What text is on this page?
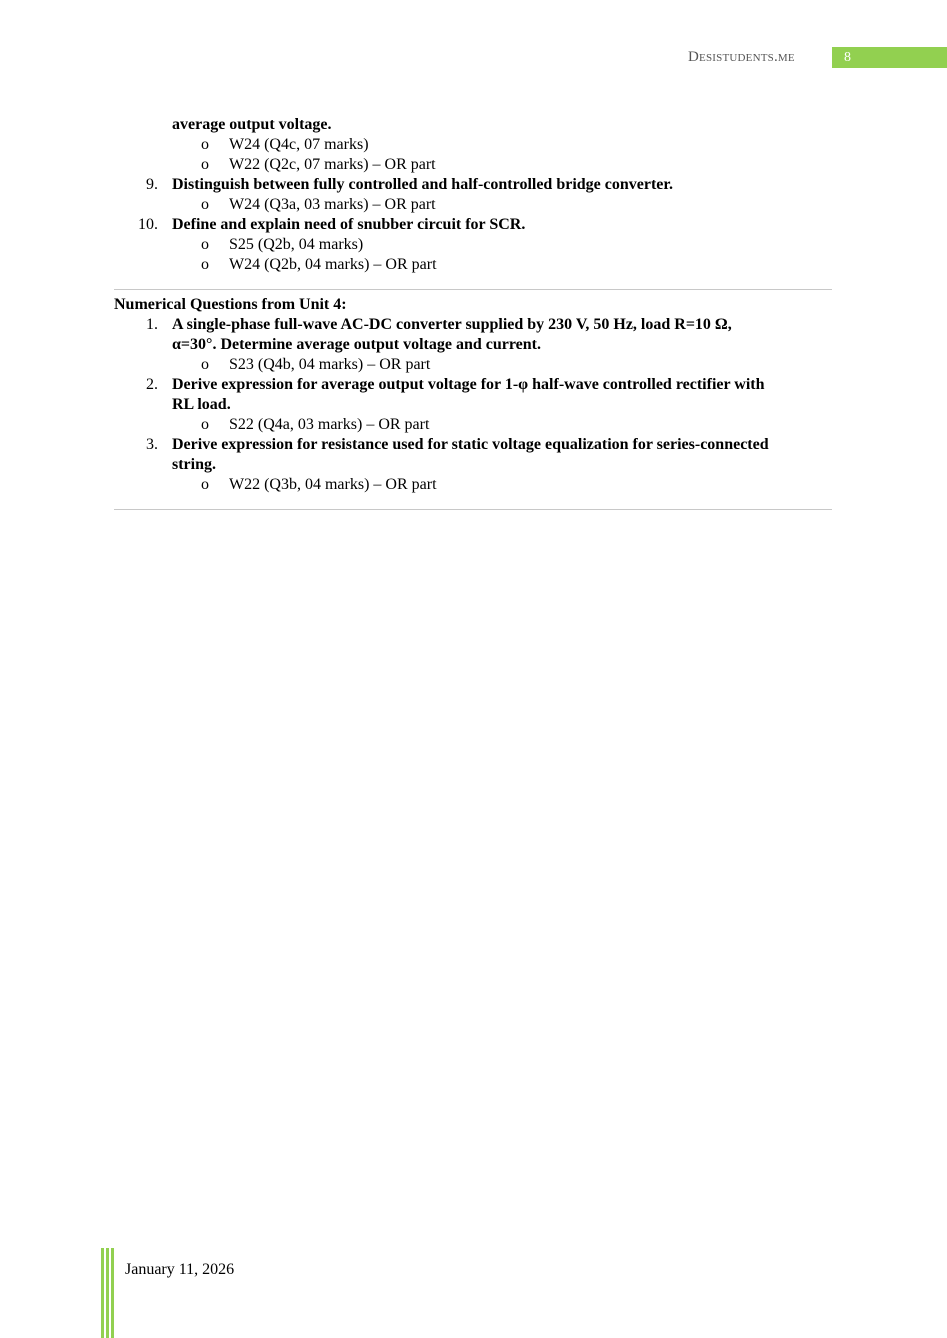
Desistudents.me	8
average output voltage.
o W24 (Q4c, 07 marks)
o W22 (Q2c, 07 marks) – OR part
9. Distinguish between fully controlled and half-controlled bridge converter.
o W24 (Q3a, 03 marks) – OR part
10. Define and explain need of snubber circuit for SCR.
o S25 (Q2b, 04 marks)
o W24 (Q2b, 04 marks) – OR part
Numerical Questions from Unit 4:
1. A single-phase full-wave AC-DC converter supplied by 230 V, 50 Hz, load R=10 Ω,
α=30°. Determine average output voltage and current.
o S23 (Q4b, 04 marks) – OR part
2. Derive expression for average output voltage for 1-φ half-wave controlled rectifier with
RL load.
o S22 (Q4a, 03 marks) – OR part
3. Derive expression for resistance used for static voltage equalization for series-connected
string.
o W22 (Q3b, 04 marks) – OR part
January 11, 2026
